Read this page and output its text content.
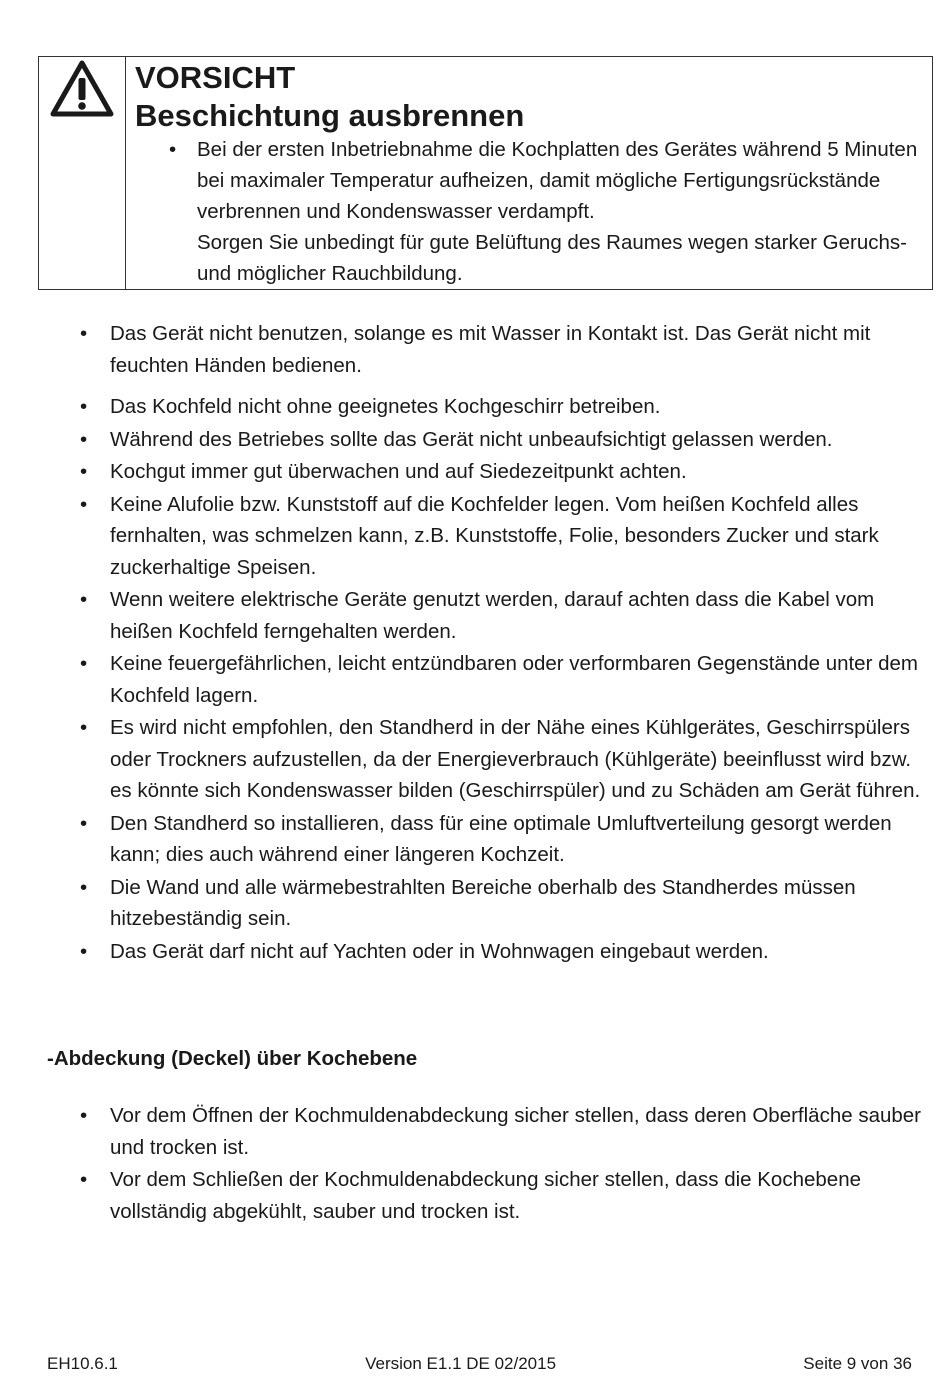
VORSICHT
Beschichtung ausbrennen
• Bei der ersten Inbetriebnahme die Kochplatten des Gerätes während 5 Minuten bei maximaler Temperatur aufheizen, damit mögliche Fertigungsrückstände verbrennen und Kondenswasser verdampft.
Sorgen Sie unbedingt für gute Belüftung des Raumes wegen starker Geruchs- und möglicher Rauchbildung.
• Das Gerät nicht benutzen, solange es mit Wasser in Kontakt ist. Das Gerät nicht mit feuchten Händen bedienen.
• Das Kochfeld nicht ohne geeignetes Kochgeschirr betreiben.
• Während des Betriebes sollte das Gerät nicht unbeaufsichtigt gelassen werden.
• Kochgut immer gut überwachen und auf Siedezeitpunkt achten.
• Keine Alufolie bzw. Kunststoff auf die Kochfelder legen. Vom heißen Kochfeld alles fernhalten, was schmelzen kann, z.B. Kunststoffe, Folie, besonders Zucker und stark zuckerhaltige Speisen.
• Wenn weitere elektrische Geräte genutzt werden, darauf achten dass die Kabel vom heißen Kochfeld ferngehalten werden.
• Keine feuergefährlichen, leicht entzündbaren oder verformbaren Gegenstände unter dem Kochfeld lagern.
• Es wird nicht empfohlen, den Standherd in der Nähe eines Kühlgerätes, Geschirrspülers oder Trockners aufzustellen, da der Energieverbrauch (Kühlgeräte) beeinflusst wird bzw. es könnte sich Kondenswasser bilden (Geschirrspüler) und zu Schäden am Gerät führen.
• Den Standherd so installieren, dass für eine optimale Umluftverteilung gesorgt werden kann; dies auch während einer längeren Kochzeit.
• Die Wand und alle wärmebestrahlten Bereiche oberhalb des Standherdes müssen hitzebeständig sein.
• Das Gerät darf nicht auf Yachten oder in Wohnwagen eingebaut werden.
-Abdeckung (Deckel) über Kochebene
• Vor dem Öffnen der Kochmuldenabdeckung sicher stellen, dass deren Oberfläche sauber und trocken ist.
• Vor dem Schließen der Kochmuldenabdeckung sicher stellen, dass die Kochebene vollständig abgekühlt, sauber und trocken ist.
EH10.6.1	Version E1.1 DE 02/2015	Seite 9 von 36
